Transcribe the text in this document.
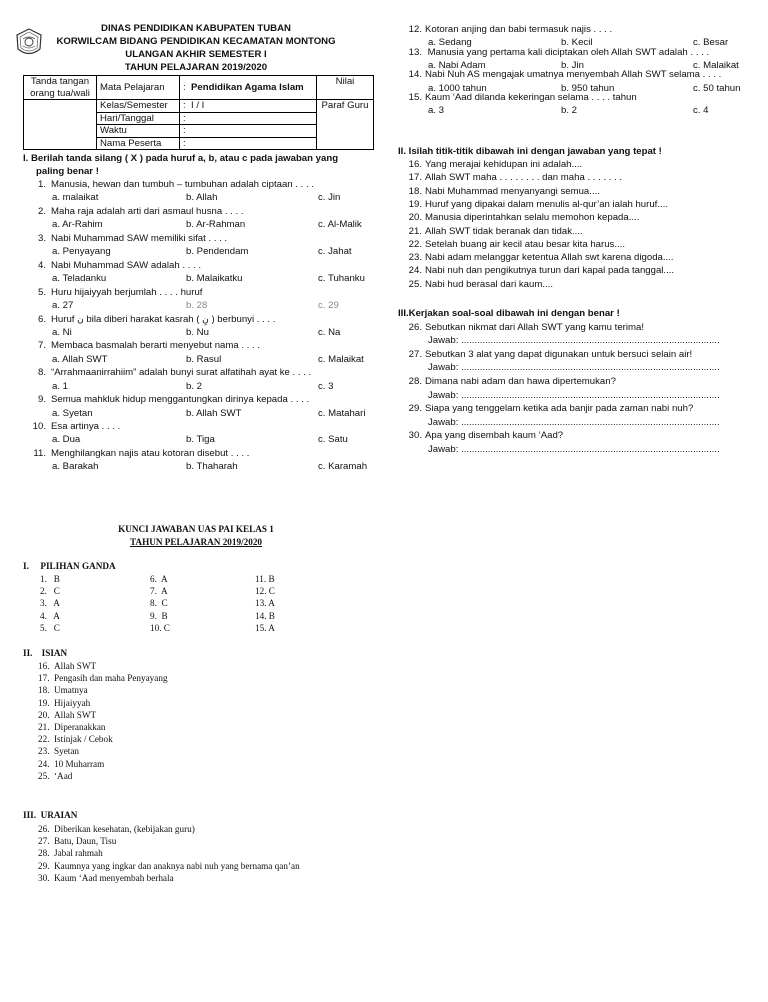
DINAS PENDIDIKAN KABUPATEN TUBAN
KORWILCAM BIDANG PENDIDIKAN KECAMATAN MONTONG
ULANGAN AKHIR SEMESTER I
TAHUN PELAJARAN 2019/2020
Tanda tangan orang tua/wali	Mata Pelajaran	: Pendidikan Agama Islam	Nilai
	Kelas/Semester	: I / I	Paraf Guru
	Hari/Tanggal	:	
	Waktu	:	
	Nama Peserta	:	
I. Berilah tanda silang ( X ) pada huruf a, b, atau c pada jawaban yang
paling benar !
1. Manusia, hewan dan tumbuh – tumbuhan adalah ciptaan . . . .
a. malaikat	b. Allah	c. Jin
2. Maha raja adalah arti dari asmaul husna . . . .
a. Ar-Rahim	b. Ar-Rahman	c. Al-Malik
3. Nabi Muhammad SAW memiliki sifat . . . .
a. Penyayang	b. Pendendam	c. Jahat
4. Nabi Muhammad SAW adalah . . . .
a. Teladanku	b. Malaikatku	c. Tuhanku
5. Huru hijaiyyah berjumlah . . . . huruf
a. 27	b. 28	c. 29
6. Huruf ن bila diberi harakat kasrah ( نِ ) berbunyi . . . .
a. Ni	b. Nu	c. Na
7. Membaca basmalah berarti menyebut nama . . . .
a. Allah SWT	b. Rasul	c. Malaikat
8. “Arrahmaanirrahiim” adalah bunyi surat alfatihah ayat ke . . . .
a. 1	b. 2	c. 3
9. Semua mahkluk hidup menggantungkan dirinya kepada . . . .
a. Syetan	b. Allah SWT	c. Matahari
10. Esa artinya . . . .
a. Dua	b. Tiga	c. Satu
11. Menghilangkan najis atau kotoran disebut . . . .
a. Barakah	b. Thaharah	c. Karamah
12. Kotoran anjing dan babi termasuk najis . . . .
a. Sedang	b. Kecil	c. Besar
13. Manusia yang pertama kali diciptakan oleh Allah SWT adalah . . . .
a. Nabi Adam	b. Jin	c. Malaikat
14. Nabi Nuh AS mengajak umatnya menyembah Allah SWT selama . . . .
a. 1000 tahun	b. 950 tahun	c. 50 tahun
15. Kaum ‘Aad dilanda kekeringan selama . . . . tahun
a. 3	b. 2	c. 4
II. Isilah titik-titik dibawah ini dengan jawaban yang tepat !
16. Yang merajai kehidupan ini adalah....
17. Allah SWT maha . . . . . . . . dan maha . . . . . . .
18. Nabi Muhammad menyanyangi semua....
19. Huruf yang dipakai dalam menulis al-qur’an ialah huruf....
20. Manusia diperintahkan selalu memohon kepada....
21. Allah SWT tidak beranak dan tidak....
22. Setelah buang air kecil atau besar kita harus....
23. Nabi adam melanggar ketentua Allah swt karena digoda....
24. Nabi nuh dan pengikutnya turun dari kapal pada tanggal....
25. Nabi hud berasal dari kaum....
III.Kerjakan soal-soal dibawah ini dengan benar !
26. Sebutkan nikmat dari Allah SWT yang kamu terima!
Jawab: .................................................................................................
27. Sebutkan 3 alat yang dapat digunakan untuk bersuci selain air!
Jawab: .................................................................................................
28. Dimana nabi adam dan hawa dipertemukan?
Jawab: .................................................................................................
29. Siapa yang tenggelam ketika ada banjir pada zaman nabi nuh?
Jawab: .................................................................................................
30. Apa yang disembah kaum ‘Aad?
Jawab: .................................................................................................
KUNCI JAWABAN UAS PAI KELAS 1
TAHUN PELAJARAN 2019/2020
I.     PILIHAN GANDA
1.   B
2.   C
3.   A
4.   A
5.   C
6.  A
7.  A
8.  C
9.  B
10. C
11. B
12. C
13. A
14. B
15. A
II.    ISIAN
16. Allah SWT
17. Pengasih dan maha Penyayang
18. Umatnya
19. Hijaiyyah
20. Allah SWT
21. Diperanakkan
22. Istinjak / Cebok
23. Syetan
24. 10 Muharram
25. ‘Aad
III.  URAIAN
26. Diberikan kesehatan, (kebijakan guru)
27. Batu, Daun, Tisu
28. Jabal rahmah
29. Kaumnya yang ingkar dan anaknya nabi nuh yang bernama qan’an
30. Kaum ‘Aad menyembah berhala
